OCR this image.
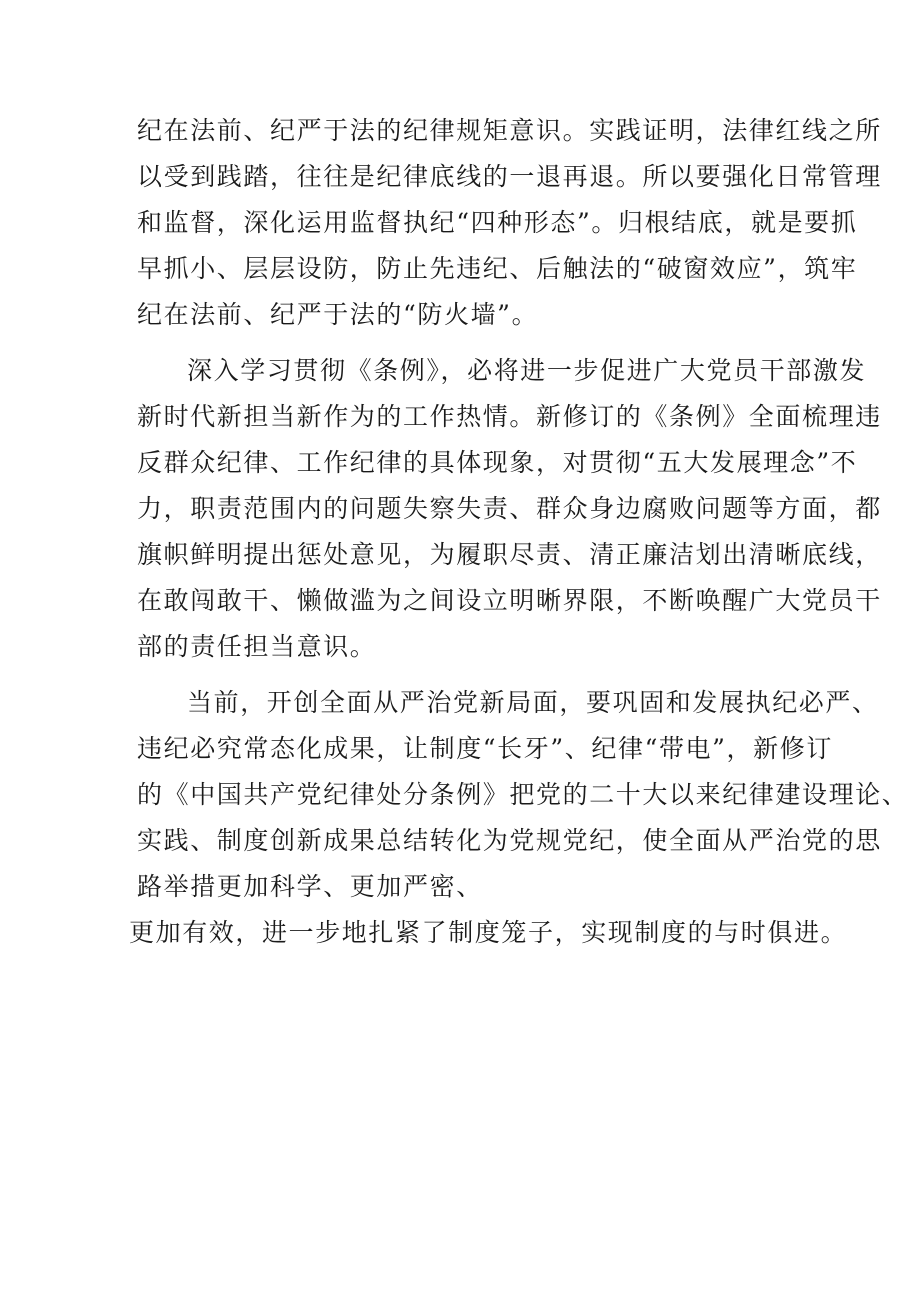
纪在法前、纪严于法的纪律规矩意识。实践证明，法律红线之所
以受到践踏，往往是纪律底线的一退再退。所以要强化日常管理
和监督，深化运用监督执纪“四种形态”。归根结底，就是要抓
早抓小、层层设防，防止先违纪、后触法的“破窗效应”，筑牢
纪在法前、纪严于法的“防火墙”。
深入学习贯彻《条例》，必将进一步促进广大党员干部激发
新时代新担当新作为的工作热情。新修订的《条例》全面梳理违
反群众纪律、工作纪律的具体现象，对贯彻“五大发展理念”不
力，职责范围内的问题失察失责、群众身边腐败问题等方面，都
旗帜鲜明提出惩处意见，为履职尽责、清正廉洁划出清晰底线，
在敢闯敢干、懒做滥为之间设立明晰界限，不断唤醒广大党员干
部的责任担当意识。
当前，开创全面从严治党新局面，要巩固和发展执纪必严、
违纪必究常态化成果，让制度“长牙”、纪律“带电”，新修订
的《中国共产党纪律处分条例》把党的二十大以来纪律建设理论、
实践、制度创新成果总结转化为党规党纪，使全面从严治党的思
路举措更加科学、更加严密、
更加有效，进一步地扎紧了制度笼子，实现制度的与时俱进。
